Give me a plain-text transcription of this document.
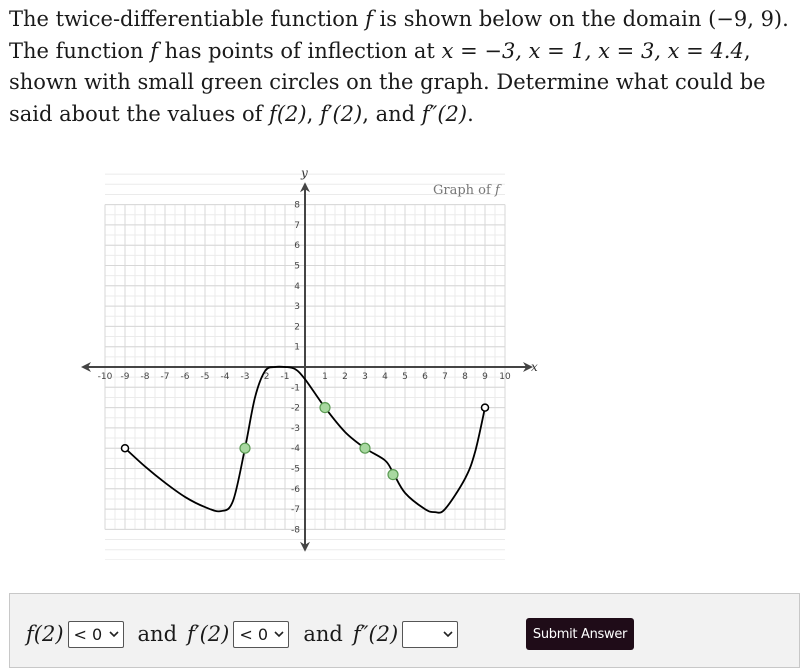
The twice-differentiable function f is shown below on the domain (−9, 9). The function f has points of inflection at x = −3, x = 1, x = 3, x = 4.4, shown with small green circles on the graph. Determine what could be said about the values of f(2), f′(2), and f″(2).
x
y
-10 -9 -8 -7 -6 -5 -4 -3 -2 -1	1 2 3 4 5 6 7 8 9 10
8
7
6
5
4
3
2
1
-1
-2
-3
-4
-5
-6
-7
-8
Graph of f
f(2) < 0 and f′(2) < 0 and f″(2)	Submit Answer
